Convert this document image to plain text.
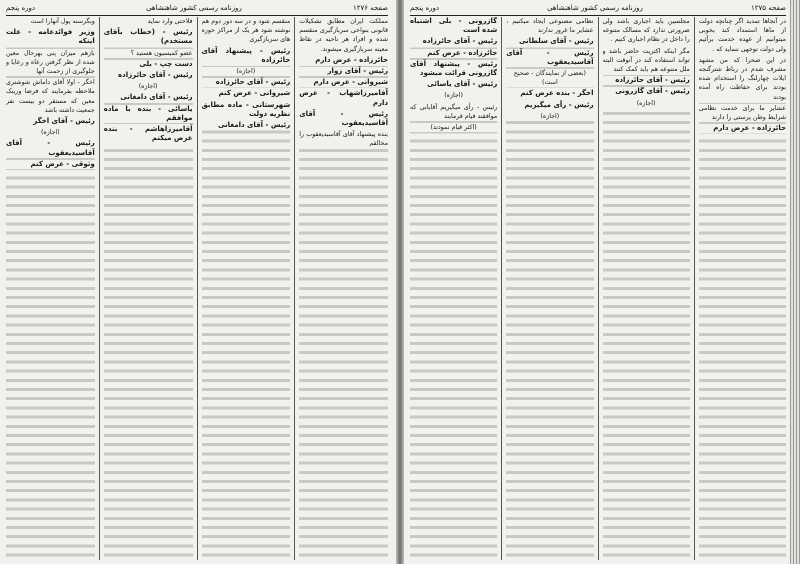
صفحه ۱۲۷۶
روزنامه رسمی کشور شاهنشاهی
دوره پنجم

مملکت ایران مطابق تشکیلات قانونی بنواحی سربازگیری منقسم شده و افراد هر ناحیه در نقاط معینه سربازگیری میشوند.

حائرزاده - عرض دارم

رئیس - آقای زوار

شیروانی - عرض دارم

آقامیرزاشهاب - عرض دارم

رئیس - آقای آقاسیدیعقوب

بنده پیشنهاد آقای آقاسیدیعقوب را مخالفم

منقسم شود و در سه دور دوم هم نوشته شود هر یک از مراکز حوزه های سربازگیری

رئیس - پیشنهاد آقای حائرزاده

(اجازه)

رئیس - آقای حائرزاده

شیروانی - عرض کنم

شهرستانی - ماده مطابق نظریه دولت

رئیس - آقای دامغانی

فلاحتی وارد نماید

رئیس - (خطاب بآقای مستخدم)

عضو کمیسیون هستید ؟

دست چپ - بلی

رئیس - آقای حائرزاده

(اجازه)

رئیس - آقای دامغانی

یاسائی - بنده با ماده موافقم

آقامیرزاهاشم - بنده عرض میکنم

وبگرسنه پول آنهارا است

وزیر فوائدعامه - علت اینکه

بازهم میزان پنی بهرحال معین شده از نظر گرفتن رعاه و رعایا و جلوگیری از زحمت آنها

اخگر - اولا آقای داماش شوشتری ملاحظه بفرمایند که فرضا ورینک معین که مستقر دو بیست نفر جمعیت داشته باشد

رئیس - آقای اخگر

(اجازه)

رئیس - آقای آقاسیدیعقوب

وثوقی - عرض کنم

صفحه ۱۲۷۵
روزنامه رسمی کشور شاهنشاهی
دوره پنجم

در آنجاها تمدید اگر چنانچه دولت از ماها استمداد کند بخوبی میتوانیم از عهده خدمت برآئیم ولی دولت توجهی ننماید که .

در این صحرا که من مشهد مشرف شدم در رباط شترگنجه ایلات چهارلنگ را استخدام شده بودند برای حفاظت راه آمده بودند

عشایر ما برای خدمت نظامی شرایط وطن پرستی را دارند

حائرزاده - عرض دارم

مجلسین باید اجباری باشد ولی ضرورتی ندارد که مسالک متنوعه را داخل در نظام اجباری کنیم .

مگر اینکه اکثریت حاضر باشد و تواند استفاده کند در آنوقت البته ملل متنوعه هم باید کمک کنند

رئیس - آقای حائرزاده

رئیس - آقای گازرونی

(اجازه)

نظامی مصنوعی ایجاد میکنیم ، عشایر ما غرور ندارند

رئیس - آقای سلطانی

رئیس - آقای آقاسیدیعقوب

(بعضی از نمایندگان - صحیح است)

اخگر - بنده عرض کنم

رئیس - رأی میگیریم

(اجازه)

گازرونی - بلی اشتباه شده است

رئیس - آقای حائرزاده

حائرزاده - عرض کنم

رئیس - پیشنهاد آقای گازرونی قرائت میشود

رئیس - آقای یاسائی

(اجازه)

رئیس - رأی میگیریم آقایانی که موافقند قیام فرمایند

(اکثر قیام نمودند)
